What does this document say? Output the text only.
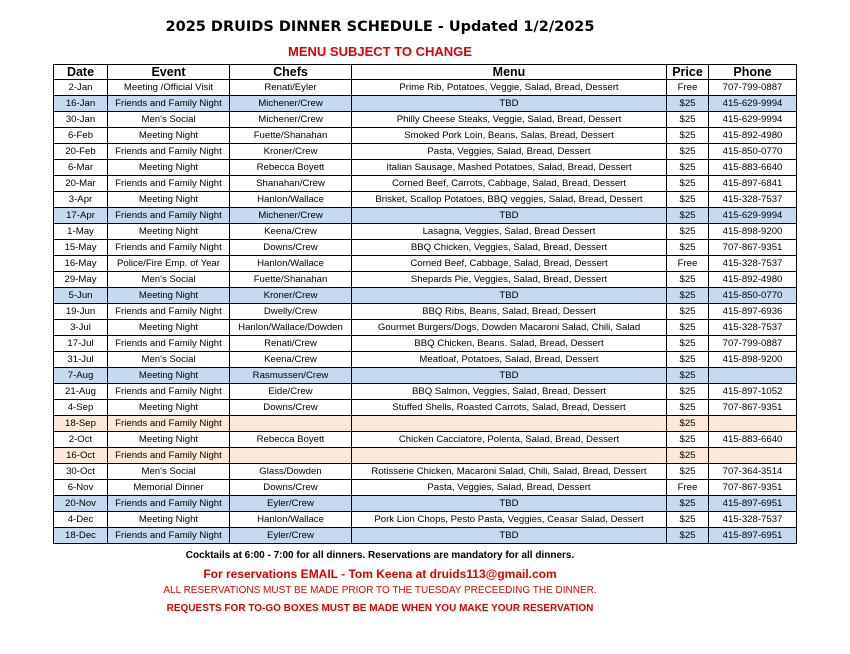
2025 DRUIDS DINNER SCHEDULE - Updated 1/2/2025
MENU SUBJECT TO CHANGE
Date	Event	Chefs	Menu	Price	Phone
2-Jan	Meeting /Official Visit	Renati/Eyler	Prime Rib, Potatoes, Veggie, Salad, Bread, Dessert	Free	707-799-0887
16-Jan	Friends and Family Night	Michener/Crew	TBD	$25	415-629-9994
30-Jan	Men's Social	Michener/Crew	Philly Cheese Steaks, Veggie, Salad, Bread, Dessert	$25	415-629-9994
6-Feb	Meeting Night	Fuette/Shanahan	Smoked Pork Loin, Beans, Salas, Bread, Dessert	$25	415-892-4980
20-Feb	Friends and Family Night	Kroner/Crew	Pasta, Veggies, Salad, Bread, Dessert	$25	415-850-0770
6-Mar	Meeting Night	Rebecca Boyett	Italian Sausage, Mashed Potatoes, Salad, Bread, Dessert	$25	415-883-6640
20-Mar	Friends and Family Night	Shanahan/Crew	Corned Beef, Carrots, Cabbage, Salad, Bread, Dessert	$25	415-897-6841
3-Apr	Meeting Night	Hanlon/Wallace	Brisket, Scallop Potatoes, BBQ veggies, Salad, Bread, Dessert	$25	415-328-7537
17-Apr	Friends and Family Night	Michener/Crew	TBD	$25	415-629-9994
1-May	Meeting Night	Keena/Crew	Lasagna, Veggies, Salad, Bread Dessert	$25	415-898-9200
15-May	Friends and Family Night	Downs/Crew	BBQ Chicken, Veggies, Salad, Bread, Dessert	$25	707-867-9351
16-May	Police/Fire Emp. of Year	Hanlon/Wallace	Corned Beef, Cabbage, Salad, Bread, Dessert	Free	415-328-7537
29-May	Men's Social	Fuette/Shanahan	Shepards Pie, Veggies, Salad, Bread, Dessert	$25	415-892-4980
5-Jun	Meeting Night	Kroner/Crew	TBD	$25	415-850-0770
19-Jun	Friends and Family Night	Dwelly/Crew	BBQ Ribs, Beans, Salad, Bread, Dessert	$25	415-897-6936
3-Jul	Meeting Night	Hanlon/Wallace/Dowden	Gourmet Burgers/Dogs, Dowden Macaroni Salad, Chili, Salad	$25	415-328-7537
17-Jul	Friends and Family Night	Renati/Crew	BBQ Chicken, Beans. Salad, Bread, Dessert	$25	707-799-0887
31-Jul	Men's Social	Keena/Crew	Meatloaf, Potatoes, Salad, Bread, Dessert	$25	415-898-9200
7-Aug	Meeting Night	Rasmussen/Crew	TBD	$25	
21-Aug	Friends and Family Night	Eide/Crew	BBQ Salmon, Veggies, Salad, Bread, Dessert	$25	415-897-1052
4-Sep	Meeting Night	Downs/Crew	Stuffed Shells, Roasted Carrots, Salad, Bread, Dessert	$25	707-867-9351
18-Sep	Friends and Family Night			$25	
2-Oct	Meeting Night	Rebecca Boyett	Chicken Cacciatore, Polenta, Salad, Bread, Dessert	$25	415-883-6640
16-Oct	Friends and Family Night			$25	
30-Oct	Men's Social	Glass/Dowden	Rotisserie Chicken, Macaroni Salad, Chili, Salad, Bread, Dessert	$25	707-364-3514
6-Nov	Memorial Dinner	Downs/Crew	Pasta, Veggies, Salad, Bread, Dessert	Free	707-867-9351
20-Nov	Friends and Family Night	Eyler/Crew	TBD	$25	415-897-6951
4-Dec	Meeting Night	Hanlon/Wallace	Pork Lion Chops, Pesto Pasta, Veggies, Ceasar Salad, Dessert	$25	415-328-7537
18-Dec	Friends and Family Night	Eyler/Crew	TBD	$25	415-897-6951
Cocktails at 6:00 - 7:00 for all dinners. Reservations are mandatory for all dinners.
For reservations EMAIL - Tom Keena at druids113@gmail.com
ALL RESERVATIONS MUST BE MADE PRIOR TO THE TUESDAY PRECEEDING THE DINNER.
REQUESTS FOR TO-GO BOXES MUST BE MADE WHEN YOU MAKE YOUR RESERVATION
